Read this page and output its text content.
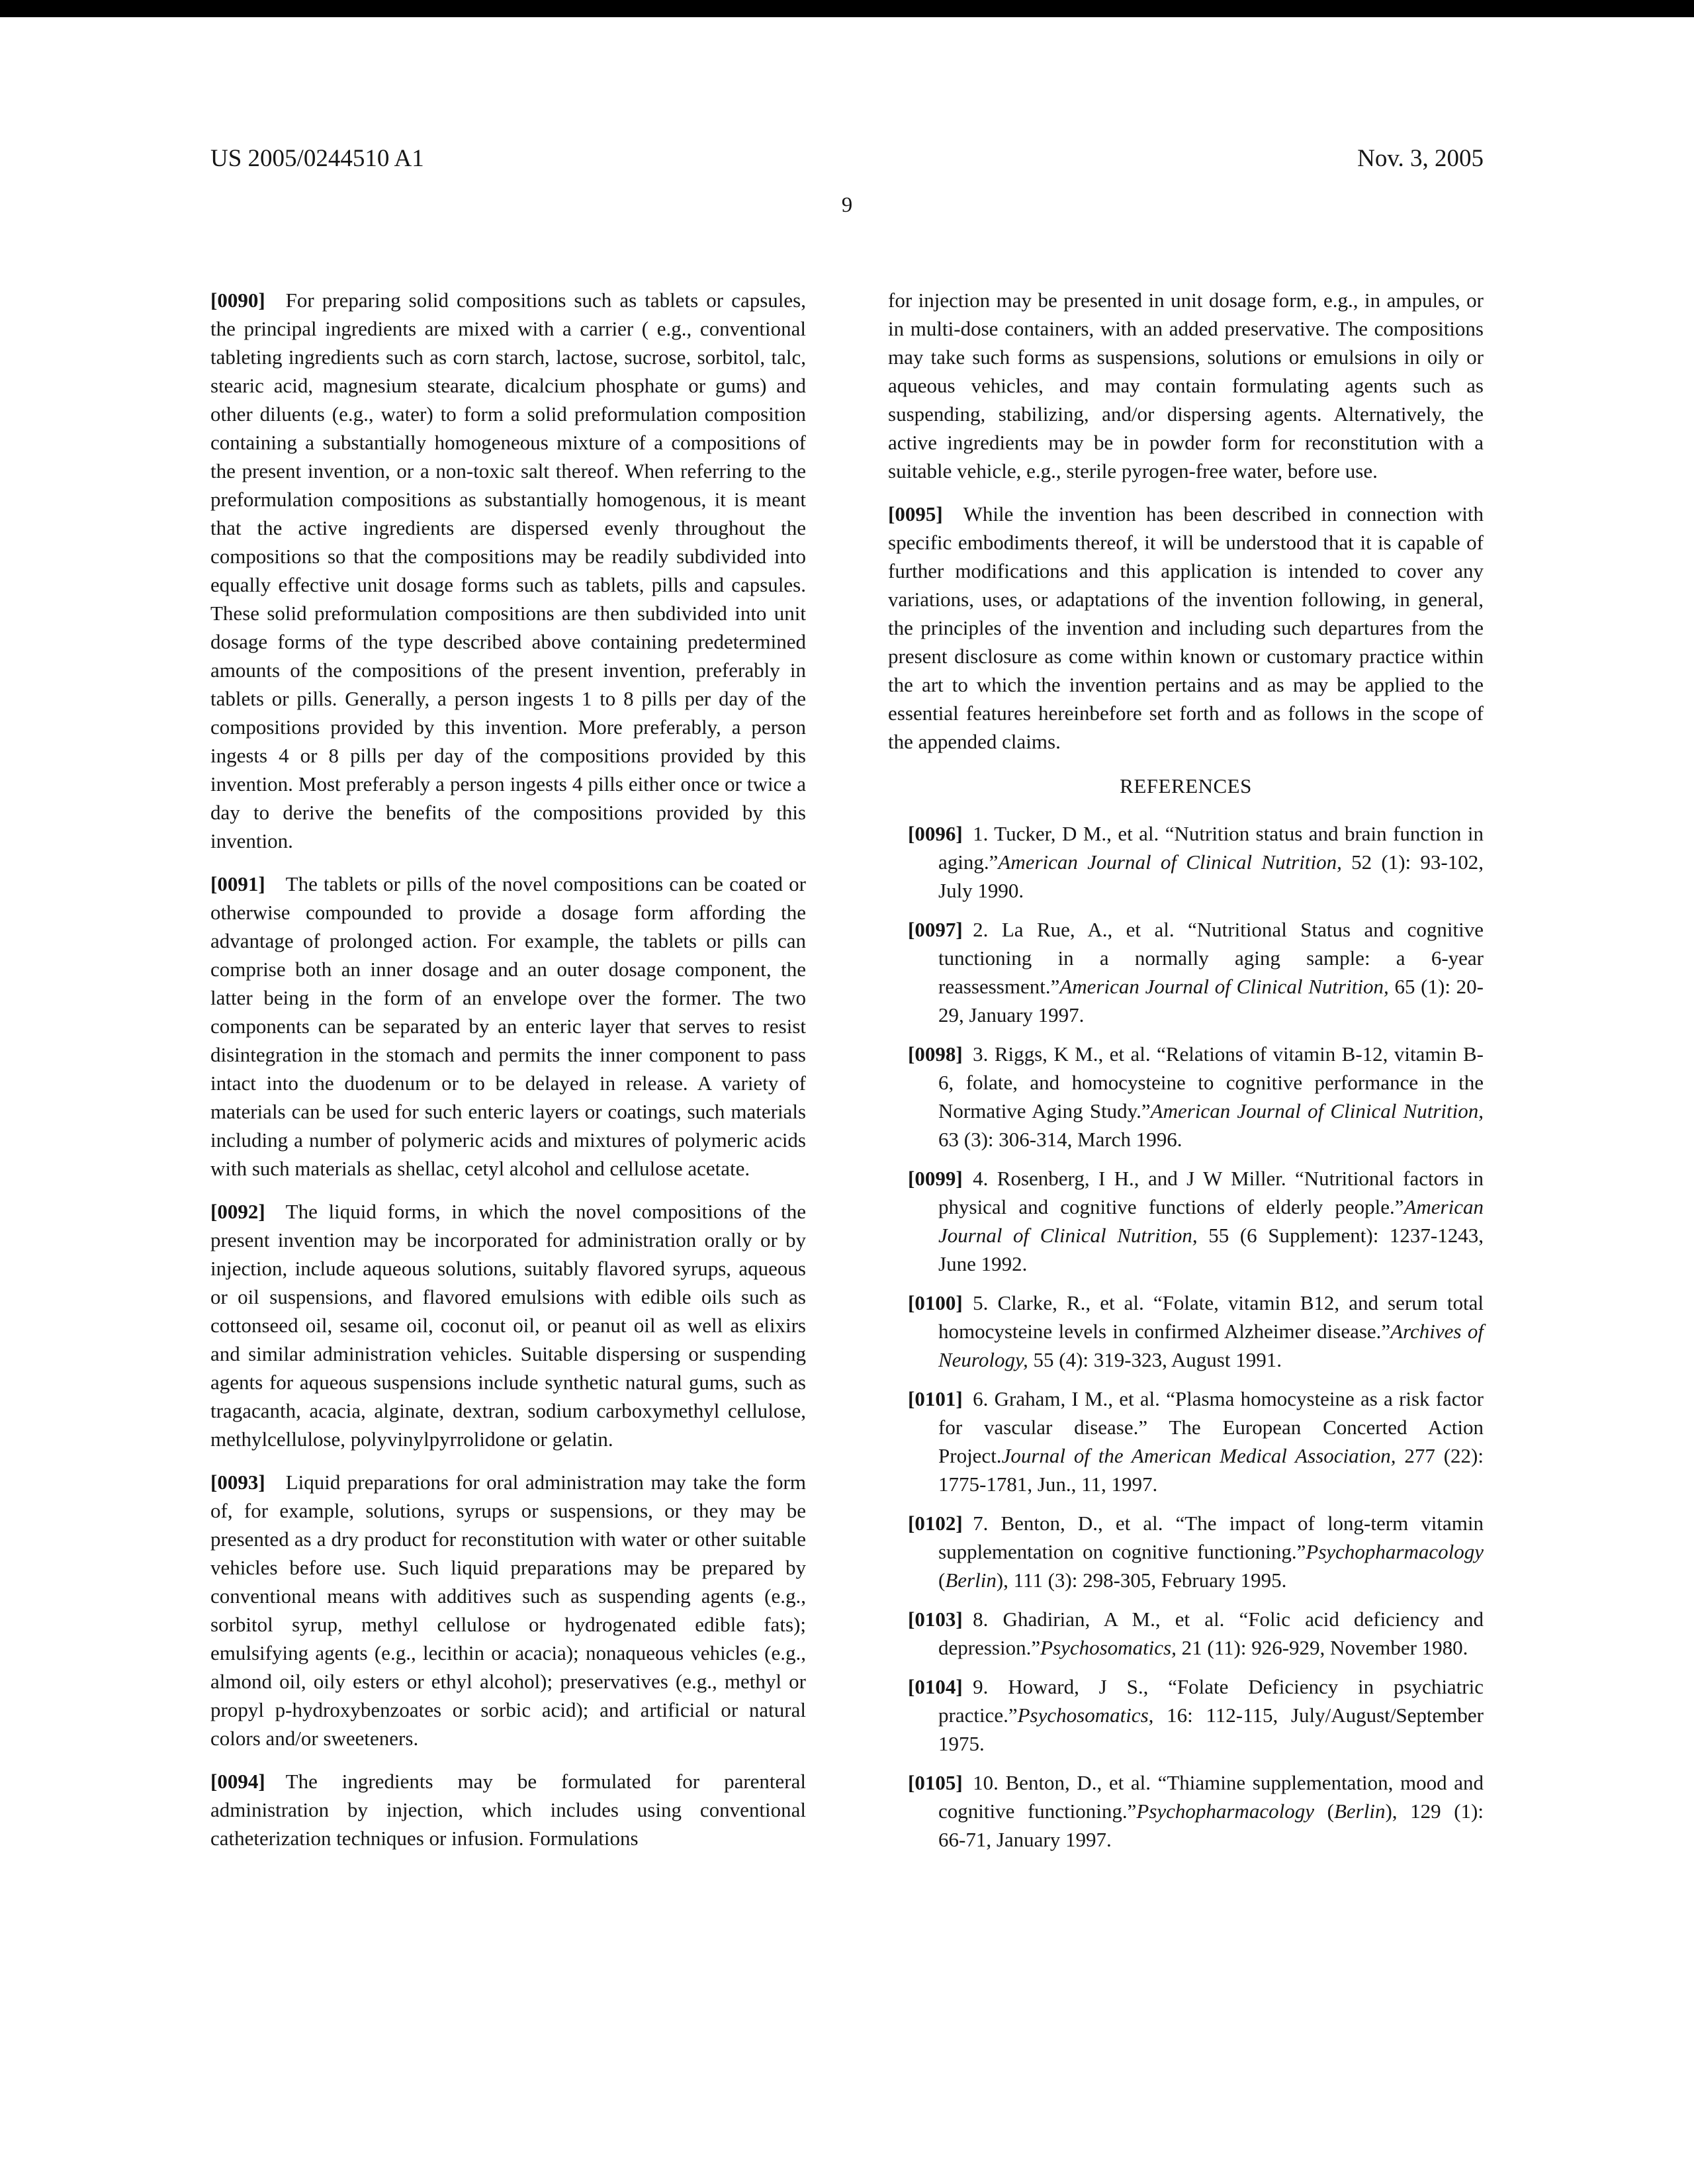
US 2005/0244510 A1	Nov. 3, 2005
9

[0090] For preparing solid compositions such as tablets or capsules, the principal ingredients are mixed with a carrier ( e.g., conventional tableting ingredients such as corn starch, lactose, sucrose, sorbitol, talc, stearic acid, magnesium stearate, dicalcium phosphate or gums) and other diluents (e.g., water) to form a solid preformulation composition containing a substantially homogeneous mixture of a compositions of the present invention, or a non-toxic salt thereof. When referring to the preformulation compositions as substantially homogenous, it is meant that the active ingredients are dispersed evenly throughout the compositions so that the compositions may be readily subdivided into equally effective unit dosage forms such as tablets, pills and capsules. These solid preformulation compositions are then subdivided into unit dosage forms of the type described above containing predetermined amounts of the compositions of the present invention, preferably in tablets or pills. Generally, a person ingests 1 to 8 pills per day of the compositions provided by this invention. More preferably, a person ingests 4 or 8 pills per day of the compositions provided by this invention. Most preferably a person ingests 4 pills either once or twice a day to derive the benefits of the compositions provided by this invention.

[0091] The tablets or pills of the novel compositions can be coated or otherwise compounded to provide a dosage form affording the advantage of prolonged action. For example, the tablets or pills can comprise both an inner dosage and an outer dosage component, the latter being in the form of an envelope over the former. The two components can be separated by an enteric layer that serves to resist disintegration in the stomach and permits the inner component to pass intact into the duodenum or to be delayed in release. A variety of materials can be used for such enteric layers or coatings, such materials including a number of polymeric acids and mixtures of polymeric acids with such materials as shellac, cetyl alcohol and cellulose acetate.

[0092] The liquid forms, in which the novel compositions of the present invention may be incorporated for administration orally or by injection, include aqueous solutions, suitably flavored syrups, aqueous or oil suspensions, and flavored emulsions with edible oils such as cottonseed oil, sesame oil, coconut oil, or peanut oil as well as elixirs and similar administration vehicles. Suitable dispersing or suspending agents for aqueous suspensions include synthetic natural gums, such as tragacanth, acacia, alginate, dextran, sodium carboxymethyl cellulose, methylcellulose, polyvinylpyrrolidone or gelatin.

[0093] Liquid preparations for oral administration may take the form of, for example, solutions, syrups or suspensions, or they may be presented as a dry product for reconstitution with water or other suitable vehicles before use. Such liquid preparations may be prepared by conventional means with additives such as suspending agents (e.g., sorbitol syrup, methyl cellulose or hydrogenated edible fats); emulsifying agents (e.g., lecithin or acacia); nonaqueous vehicles (e.g., almond oil, oily esters or ethyl alcohol); preservatives (e.g., methyl or propyl p-hydroxybenzoates or sorbic acid); and artificial or natural colors and/or sweeteners.

[0094] The ingredients may be formulated for parenteral administration by injection, which includes using conventional catheterization techniques or infusion. Formulations

for injection may be presented in unit dosage form, e.g., in ampules, or in multi-dose containers, with an added preservative. The compositions may take such forms as suspensions, solutions or emulsions in oily or aqueous vehicles, and may contain formulating agents such as suspending, stabilizing, and/or dispersing agents. Alternatively, the active ingredients may be in powder form for reconstitution with a suitable vehicle, e.g., sterile pyrogen-free water, before use.

[0095] While the invention has been described in connection with specific embodiments thereof, it will be understood that it is capable of further modifications and this application is intended to cover any variations, uses, or adaptations of the invention following, in general, the principles of the invention and including such departures from the present disclosure as come within known or customary practice within the art to which the invention pertains and as may be applied to the essential features hereinbefore set forth and as follows in the scope of the appended claims.

REFERENCES

[0096]  1. Tucker, D M., et al. “Nutrition status and brain function in aging.”American Journal of Clinical Nutrition, 52 (1): 93-102, July 1990.

[0097]  2. La Rue, A., et al. “Nutritional Status and cognitive tunctioning in a normally aging sample: a 6-year reassessment.”American Journal of Clinical Nutrition, 65 (1): 20-29, January 1997.

[0098]  3. Riggs, K M., et al. “Relations of vitamin B-12, vitamin B-6, folate, and homocysteine to cognitive performance in the Normative Aging Study.”American Journal of Clinical Nutrition, 63 (3): 306-314, March 1996.

[0099]  4. Rosenberg, I H., and J W Miller. “Nutritional factors in physical and cognitive functions of elderly people.”American Journal of Clinical Nutrition, 55 (6 Supplement): 1237-1243, June 1992.

[0100]  5. Clarke, R., et al. “Folate, vitamin B12, and serum total homocysteine levels in confirmed Alzheimer disease.”Archives of Neurology, 55 (4): 319-323, August 1991.

[0101]  6. Graham, I M., et al. “Plasma homocysteine as a risk factor for vascular disease.” The European Concerted Action Project.Journal of the American Medical Association, 277 (22): 1775-1781, Jun., 11, 1997.

[0102]  7. Benton, D., et al. “The impact of long-term vitamin supplementation on cognitive functioning.”Psychopharmacology (Berlin), 111 (3): 298-305, February 1995.

[0103]  8. Ghadirian, A M., et al. “Folic acid deficiency and depression.”Psychosomatics, 21 (11): 926-929, November 1980.

[0104]  9. Howard, J S., “Folate Deficiency in psychiatric practice.”Psychosomatics, 16: 112-115, July/August/September 1975.

[0105]  10. Benton, D., et al. “Thiamine supplementation, mood and cognitive functioning.”Psychopharmacology (Berlin), 129 (1): 66-71, January 1997.
